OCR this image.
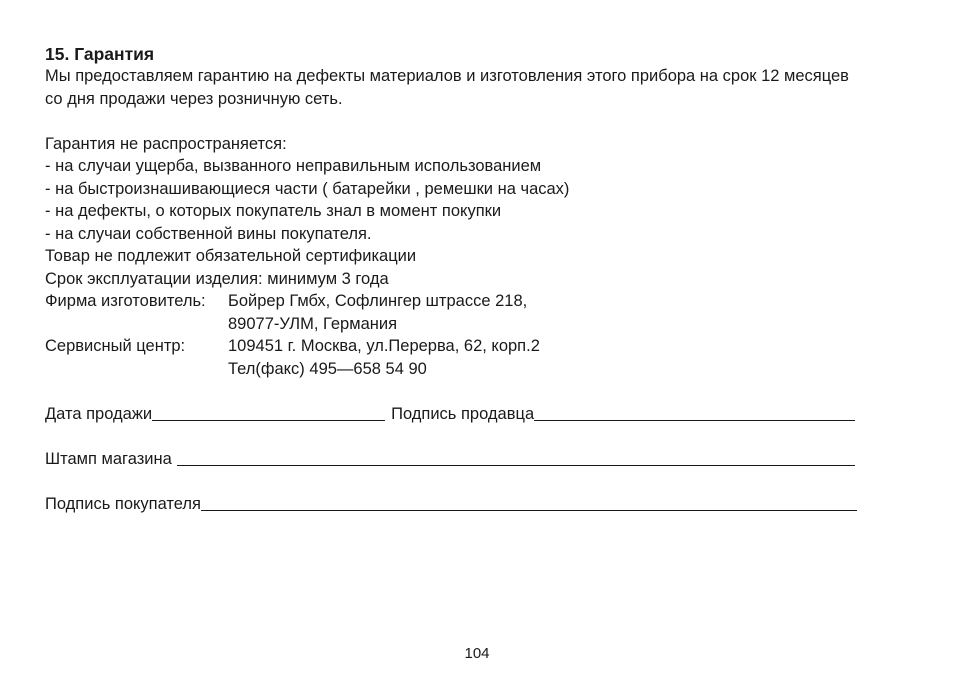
15. Гарантия

Мы предоставляем гарантию на дефекты материалов и изготовления этого прибора на срок 12 месяцев

со дня продажи через розничную сеть.

Гарантия не распространяется:

- на случаи ущерба, вызванного неправильным использованием
- на быстроизнашивающиеся части ( батарейки , ремешки на часах)
- на дефекты, о которых покупатель знал в момент покупки
- на случаи собственной вины покупателя.

Товар не подлежит обязательной сертификации

Срок эксплуатации изделия: минимум 3 года

Фирма изготовитель:	Бойрер Гмбх, Софлингер штрассе 218,
89077-УЛМ, Германия
Сервисный центр:	109451 г. Москва, ул.Перерва, 62, корп.2
Тел(факс) 495—658 54 90
Дата продажи	Подпись продавца
Штамп магазина
Подпись покупателя
104
